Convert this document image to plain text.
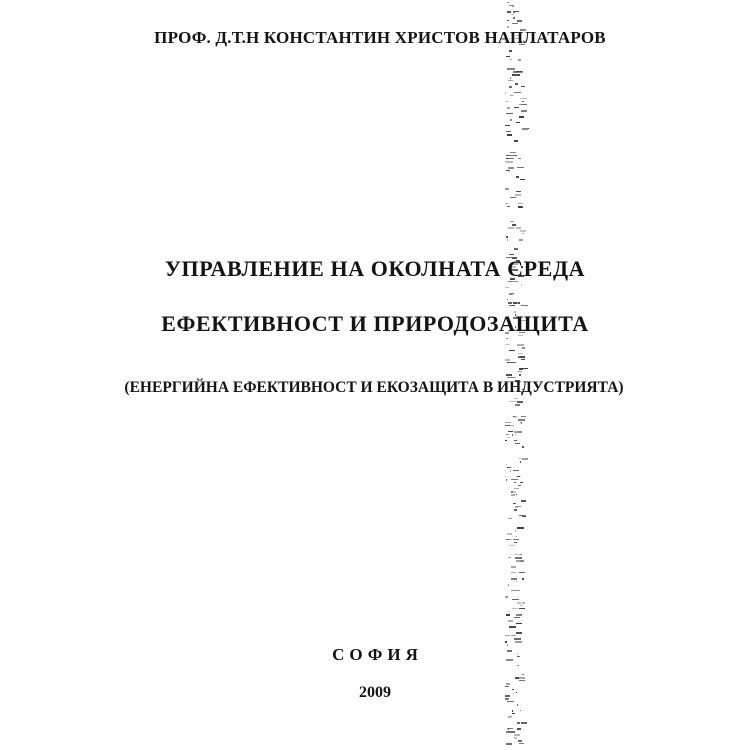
ПРОФ. Д.Т.Н КОНСТАНТИН ХРИСТОВ НАПЛАТАРОВ
УПРАВЛЕНИЕ НА ОКОЛНАТА СРЕДА
ЕФЕКТИВНОСТ И ПРИРОДОЗАЩИТА
(ЕНЕРГИЙНА ЕФЕКТИВНОСТ И ЕКОЗАЩИТА В ИНДУСТРИЯТА)
СОФИЯ
2009
